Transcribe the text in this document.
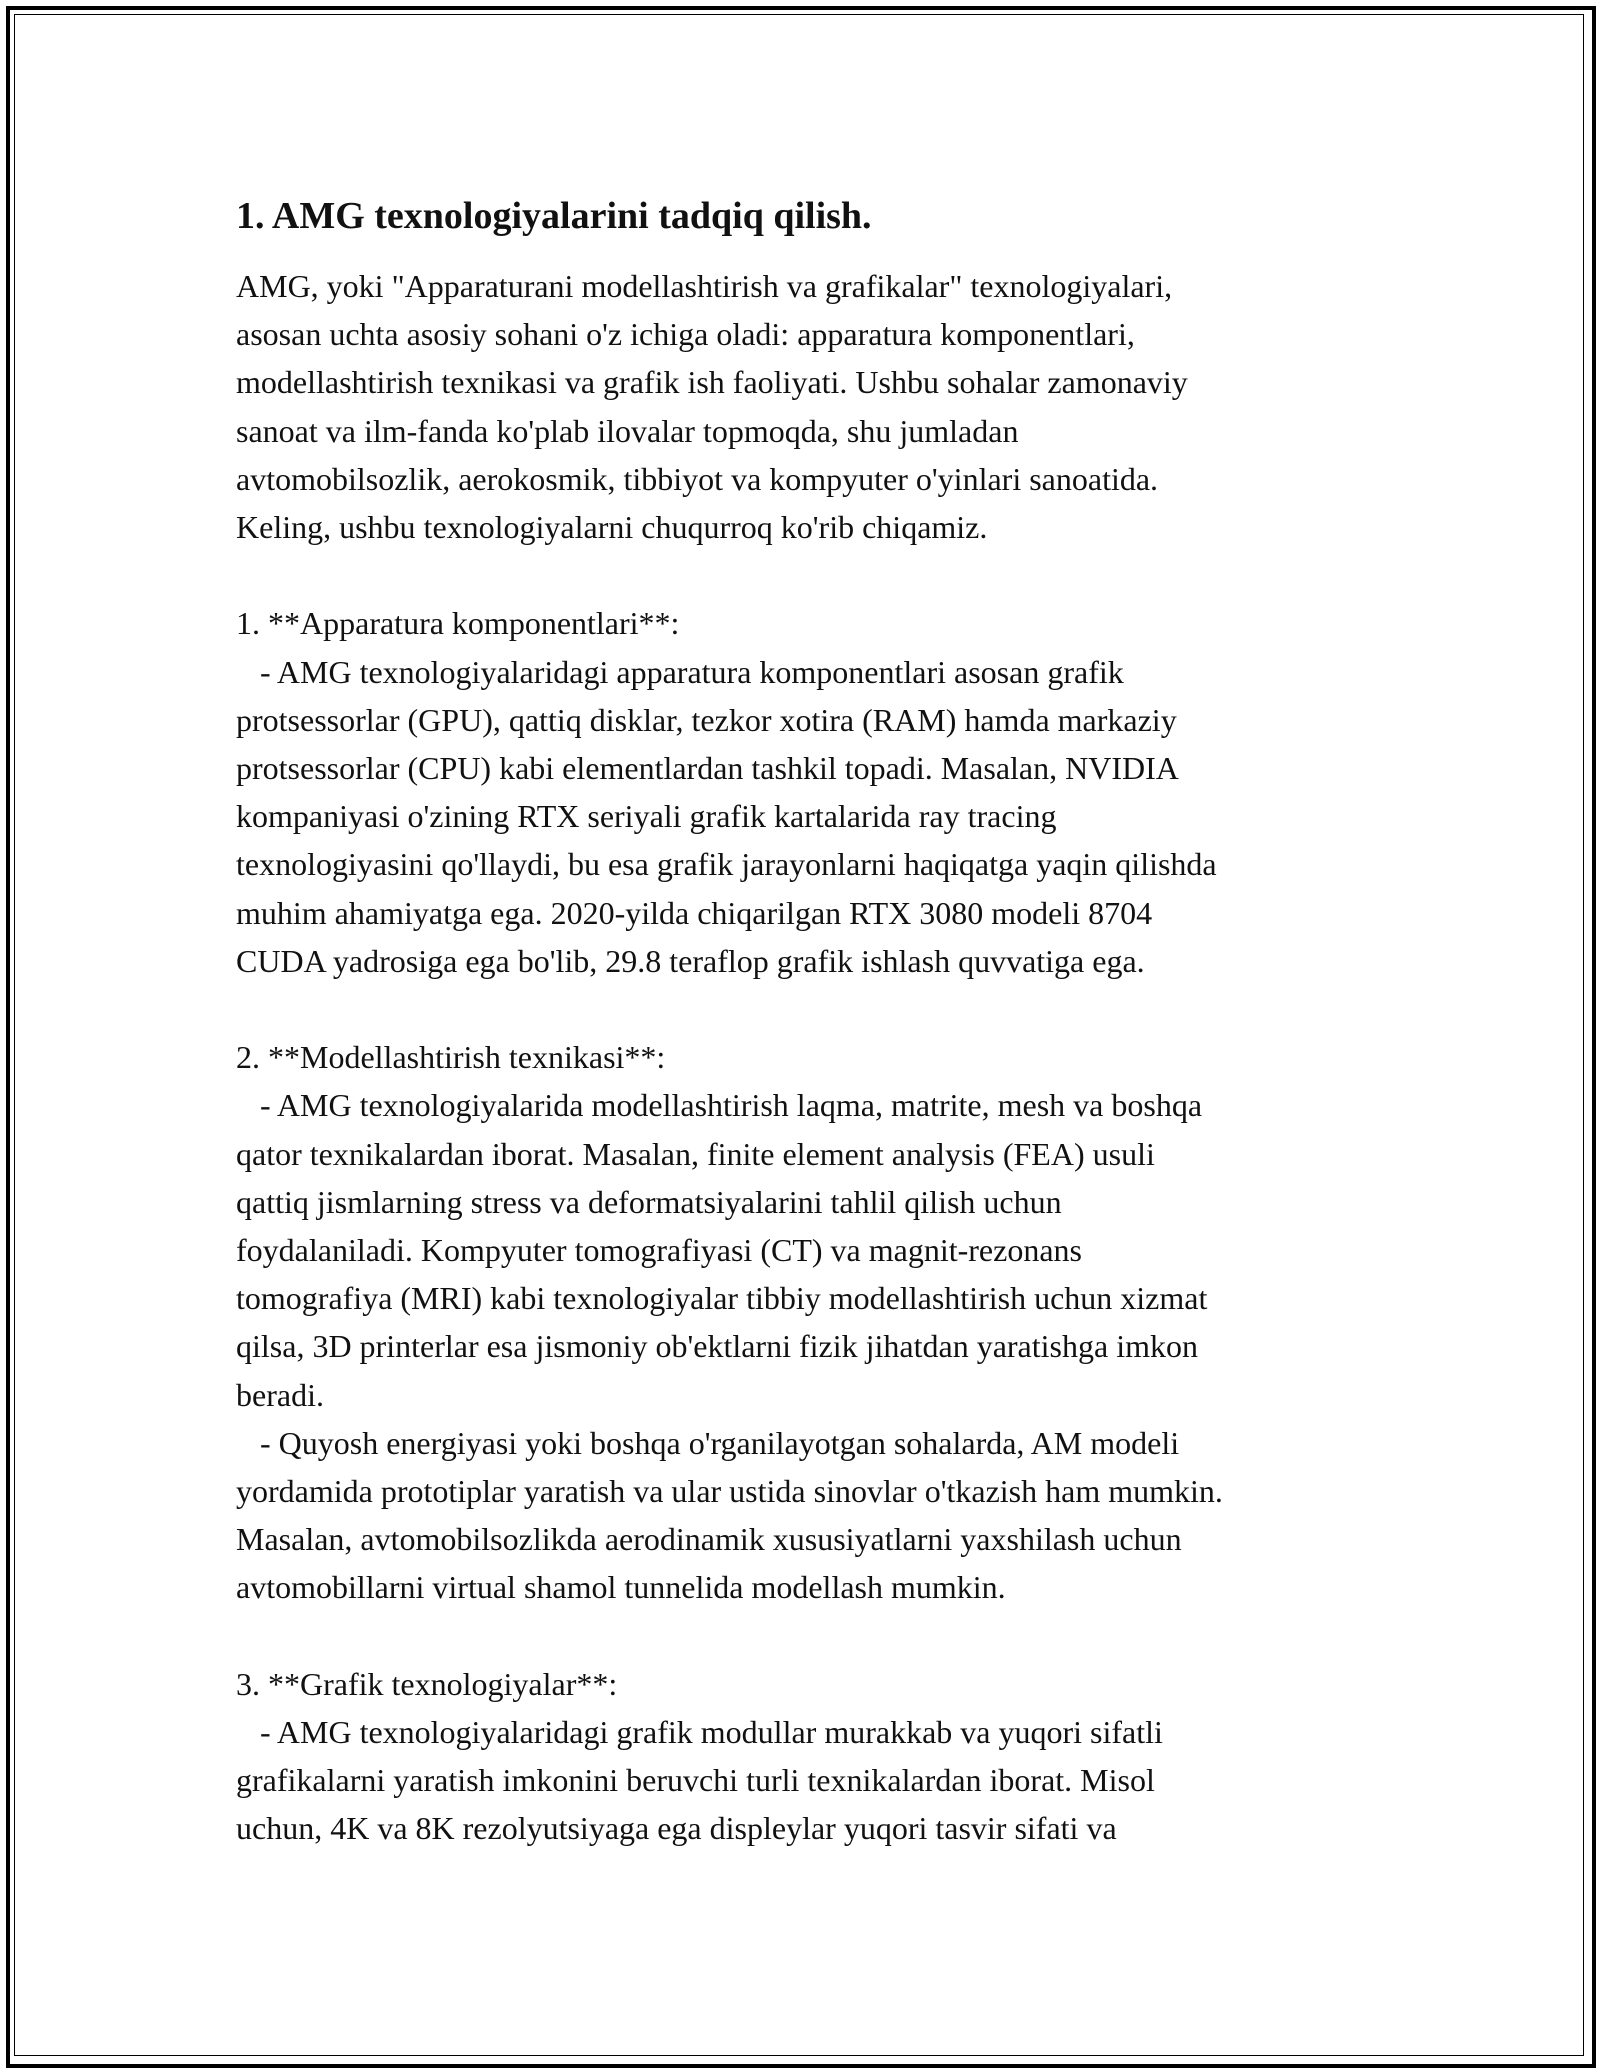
1. AMG texnologiyalarini tadqiq qilish.

AMG, yoki "Apparaturani modellashtirish va grafikalar" texnologiyalari,
asosan uchta asosiy sohani o'z ichiga oladi: apparatura komponentlari,
modellashtirish texnikasi va grafik ish faoliyati. Ushbu sohalar zamonaviy
sanoat va ilm-fanda ko'plab ilovalar topmoqda, shu jumladan
avtomobilsozlik, aerokosmik, tibbiyot va kompyuter o'yinlari sanoatida.
Keling, ushbu texnologiyalarni chuqurroq ko'rib chiqamiz.

1. **Apparatura komponentlari**:

- AMG texnologiyalaridagi apparatura komponentlari asosan grafik
protsessorlar (GPU), qattiq disklar, tezkor xotira (RAM) hamda markaziy
protsessorlar (CPU) kabi elementlardan tashkil topadi. Masalan, NVIDIA
kompaniyasi o'zining RTX seriyali grafik kartalarida ray tracing
texnologiyasini qo'llaydi, bu esa grafik jarayonlarni haqiqatga yaqin qilishda
muhim ahamiyatga ega. 2020-yilda chiqarilgan RTX 3080 modeli 8704
CUDA yadrosiga ega bo'lib, 29.8 teraflop grafik ishlash quvvatiga ega.

2. **Modellashtirish texnikasi**:

- AMG texnologiyalarida modellashtirish laqma, matrite, mesh va boshqa
qator texnikalardan iborat. Masalan, finite element analysis (FEA) usuli
qattiq jismlarning stress va deformatsiyalarini tahlil qilish uchun
foydalaniladi. Kompyuter tomografiyasi (CT) va magnit-rezonans
tomografiya (MRI) kabi texnologiyalar tibbiy modellashtirish uchun xizmat
qilsa, 3D printerlar esa jismoniy ob'ektlarni fizik jihatdan yaratishga imkon
beradi.

- Quyosh energiyasi yoki boshqa o'rganilayotgan sohalarda, AM modeli
yordamida prototiplar yaratish va ular ustida sinovlar o'tkazish ham mumkin.
Masalan, avtomobilsozlikda aerodinamik xususiyatlarni yaxshilash uchun
avtomobillarni virtual shamol tunnelida modellash mumkin.

3. **Grafik texnologiyalar**:

- AMG texnologiyalaridagi grafik modullar murakkab va yuqori sifatli
grafikalarni yaratish imkonini beruvchi turli texnikalardan iborat. Misol
uchun, 4K va 8K rezolyutsiyaga ega displeylar yuqori tasvir sifati va
